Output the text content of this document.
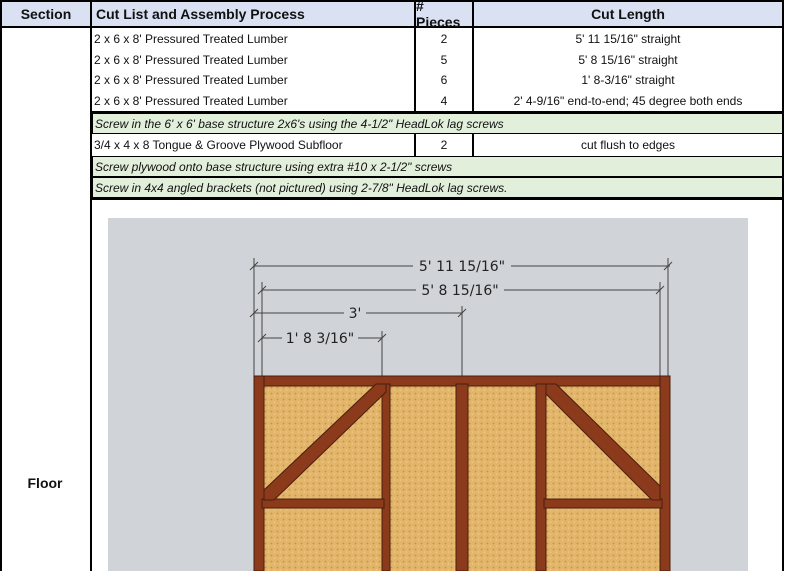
Section	Cut List and Assembly Process	# Pieces	Cut Length
2 x 6 x 8' Pressured Treated Lumber	2	5' 11 15/16" straight
2 x 6 x 8' Pressured Treated Lumber	5	5' 8 15/16" straight
2 x 6 x 8' Pressured Treated Lumber	6	1' 8-3/16" straight
2 x 6 x 8' Pressured Treated Lumber	4	2' 4-9/16" end-to-end; 45 degree both ends
Screw in the 6' x 6' base structure 2x6's using the 4-1/2" HeadLok lag screws
3/4 x 4 x 8 Tongue & Groove Plywood Subfloor	2	cut flush to edges
Screw plywood onto base structure using extra #10 x 2-1/2" screws
Screw in 4x4 angled brackets (not pictured) using 2-7/8" HeadLok lag screws.
Floor
5' 11 15/16"
5' 8 15/16"
3'
1' 8 3/16"
